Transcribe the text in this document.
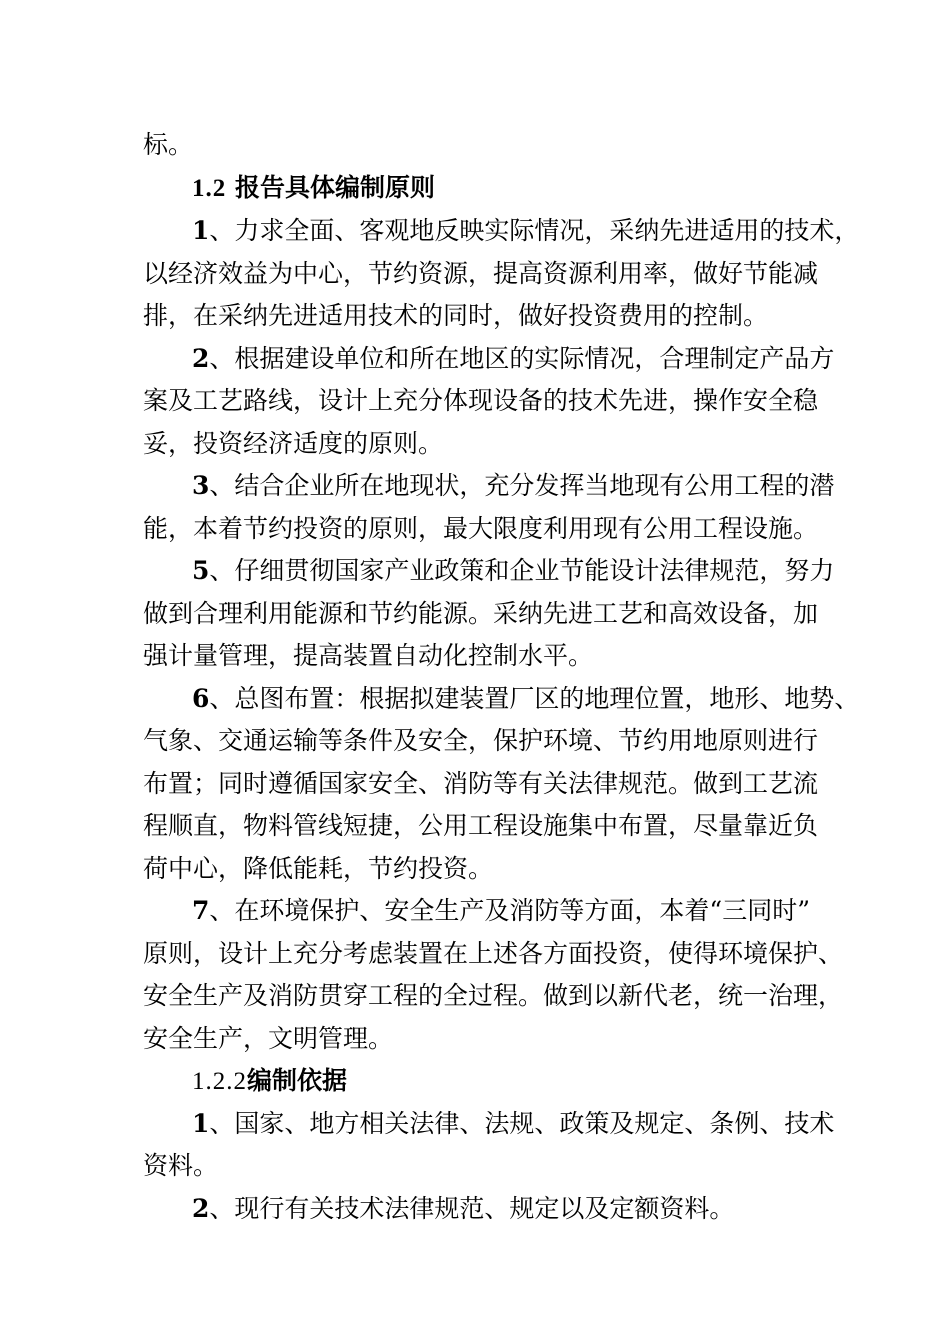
标。
1.2 报告具体编制原则
1、力求全面、客观地反映实际情况，采纳先进适用的技术，
以经济效益为中心，节约资源，提高资源利用率，做好节能减
排，在采纳先进适用技术的同时，做好投资费用的控制。
2、根据建设单位和所在地区的实际情况，合理制定产品方
案及工艺路线，设计上充分体现设备的技术先进，操作安全稳
妥，投资经济适度的原则。
3、结合企业所在地现状，充分发挥当地现有公用工程的潜
能，本着节约投资的原则，最大限度利用现有公用工程设施。
5、仔细贯彻国家产业政策和企业节能设计法律规范，努力
做到合理利用能源和节约能源。采纳先进工艺和高效设备，加
强计量管理，提高装置自动化控制水平。
6、总图布置：根据拟建装置厂区的地理位置，地形、地势、
气象、交通运输等条件及安全，保护环境、节约用地原则进行
布置；同时遵循国家安全、消防等有关法律规范。做到工艺流
程顺直，物料管线短捷，公用工程设施集中布置，尽量靠近负
荷中心，降低能耗，节约投资。
7、在环境保护、安全生产及消防等方面，本着“三同时”
原则，设计上充分考虑装置在上述各方面投资，使得环境保护、
安全生产及消防贯穿工程的全过程。做到以新代老，统一治理，
安全生产，文明管理。
1.2.2编制依据
1、国家、地方相关法律、法规、政策及规定、条例、技术
资料。
2、现行有关技术法律规范、规定以及定额资料。
